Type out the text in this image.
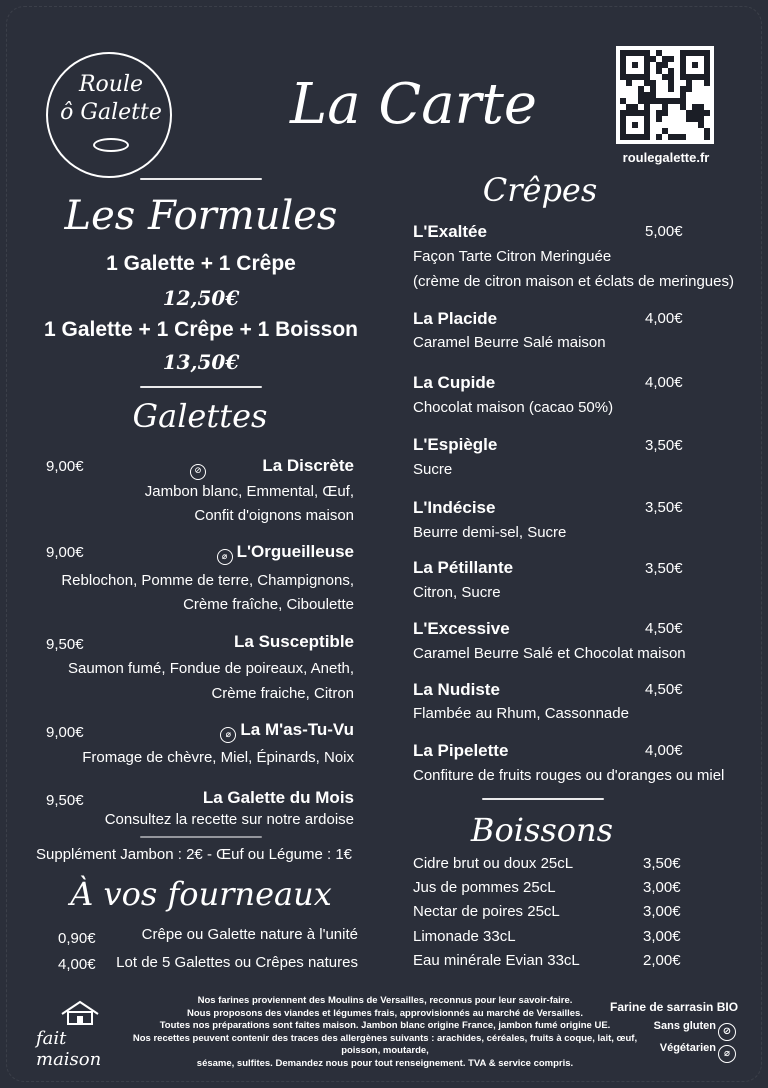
Roule
ô Galette La Carte
roulegalette.fr
Les Formules
1 Galette + 1 Crêpe
12,50€
1 Galette + 1 Crêpe + 1 Boisson
13,50€
Galettes ⊘
9,00€	La Discrète
Jambon blanc, Emmental, Œuf,
Confit d'oignons maison
9,00€	⌀ L'Orgueilleuse
Reblochon, Pomme de terre, Champignons,
Crème fraîche, Ciboulette
9,50€	La Susceptible
Saumon fumé, Fondue de poireaux, Aneth,
Crème fraiche, Citron
9,00€	⌀ La M'as-Tu-Vu
Fromage de chèvre, Miel, Épinards, Noix
9,50€	La Galette du Mois
Consultez la recette sur notre ardoise
Supplément Jambon : 2€ - Œuf ou Légume : 1€
À vos fourneaux
0,90€	Crêpe ou Galette nature à l'unité
4,00€ Lot de 5 Galettes ou Crêpes natures
Crêpes
L'Exaltée	5,00€
Façon Tarte Citron Meringuée
(crème de citron maison et éclats de meringues)
La Placide	4,00€
Caramel Beurre Salé maison
La Cupide	4,00€
Chocolat maison (cacao 50%)
L'Espiègle	3,50€
Sucre
L'Indécise	3,50€
Beurre demi-sel, Sucre
La Pétillante	3,50€
Citron, Sucre
L'Excessive	4,50€
Caramel Beurre Salé et Chocolat maison
La Nudiste	4,50€
Flambée au Rhum, Cassonnade
La Pipelette	4,00€
Confiture de fruits rouges ou d'oranges ou miel
Boissons
Cidre brut ou doux 25cL	3,50€
Jus de pommes 25cL	3,00€
Nectar de poires 25cL	3,00€
Limonade 33cL	3,00€
Eau minérale Evian 33cL	2,00€
fait maison
Nos farines proviennent des Moulins de Versailles, reconnus pour leur savoir-faire.
Nous proposons des viandes et légumes frais, approvisionnés au marché de Versailles.
Toutes nos préparations sont faites maison. Jambon blanc origine France, jambon fumé origine UE.
Nos recettes peuvent contenir des traces des allergènes suivants : arachides, céréales, fruits à coque, lait, œuf, poisson, moutarde,
sésame, sulfites. Demandez nous pour tout renseignement. TVA & service compris.
Farine de sarrasin BIO
Sans gluten ⊘
Végétarien ⌀
